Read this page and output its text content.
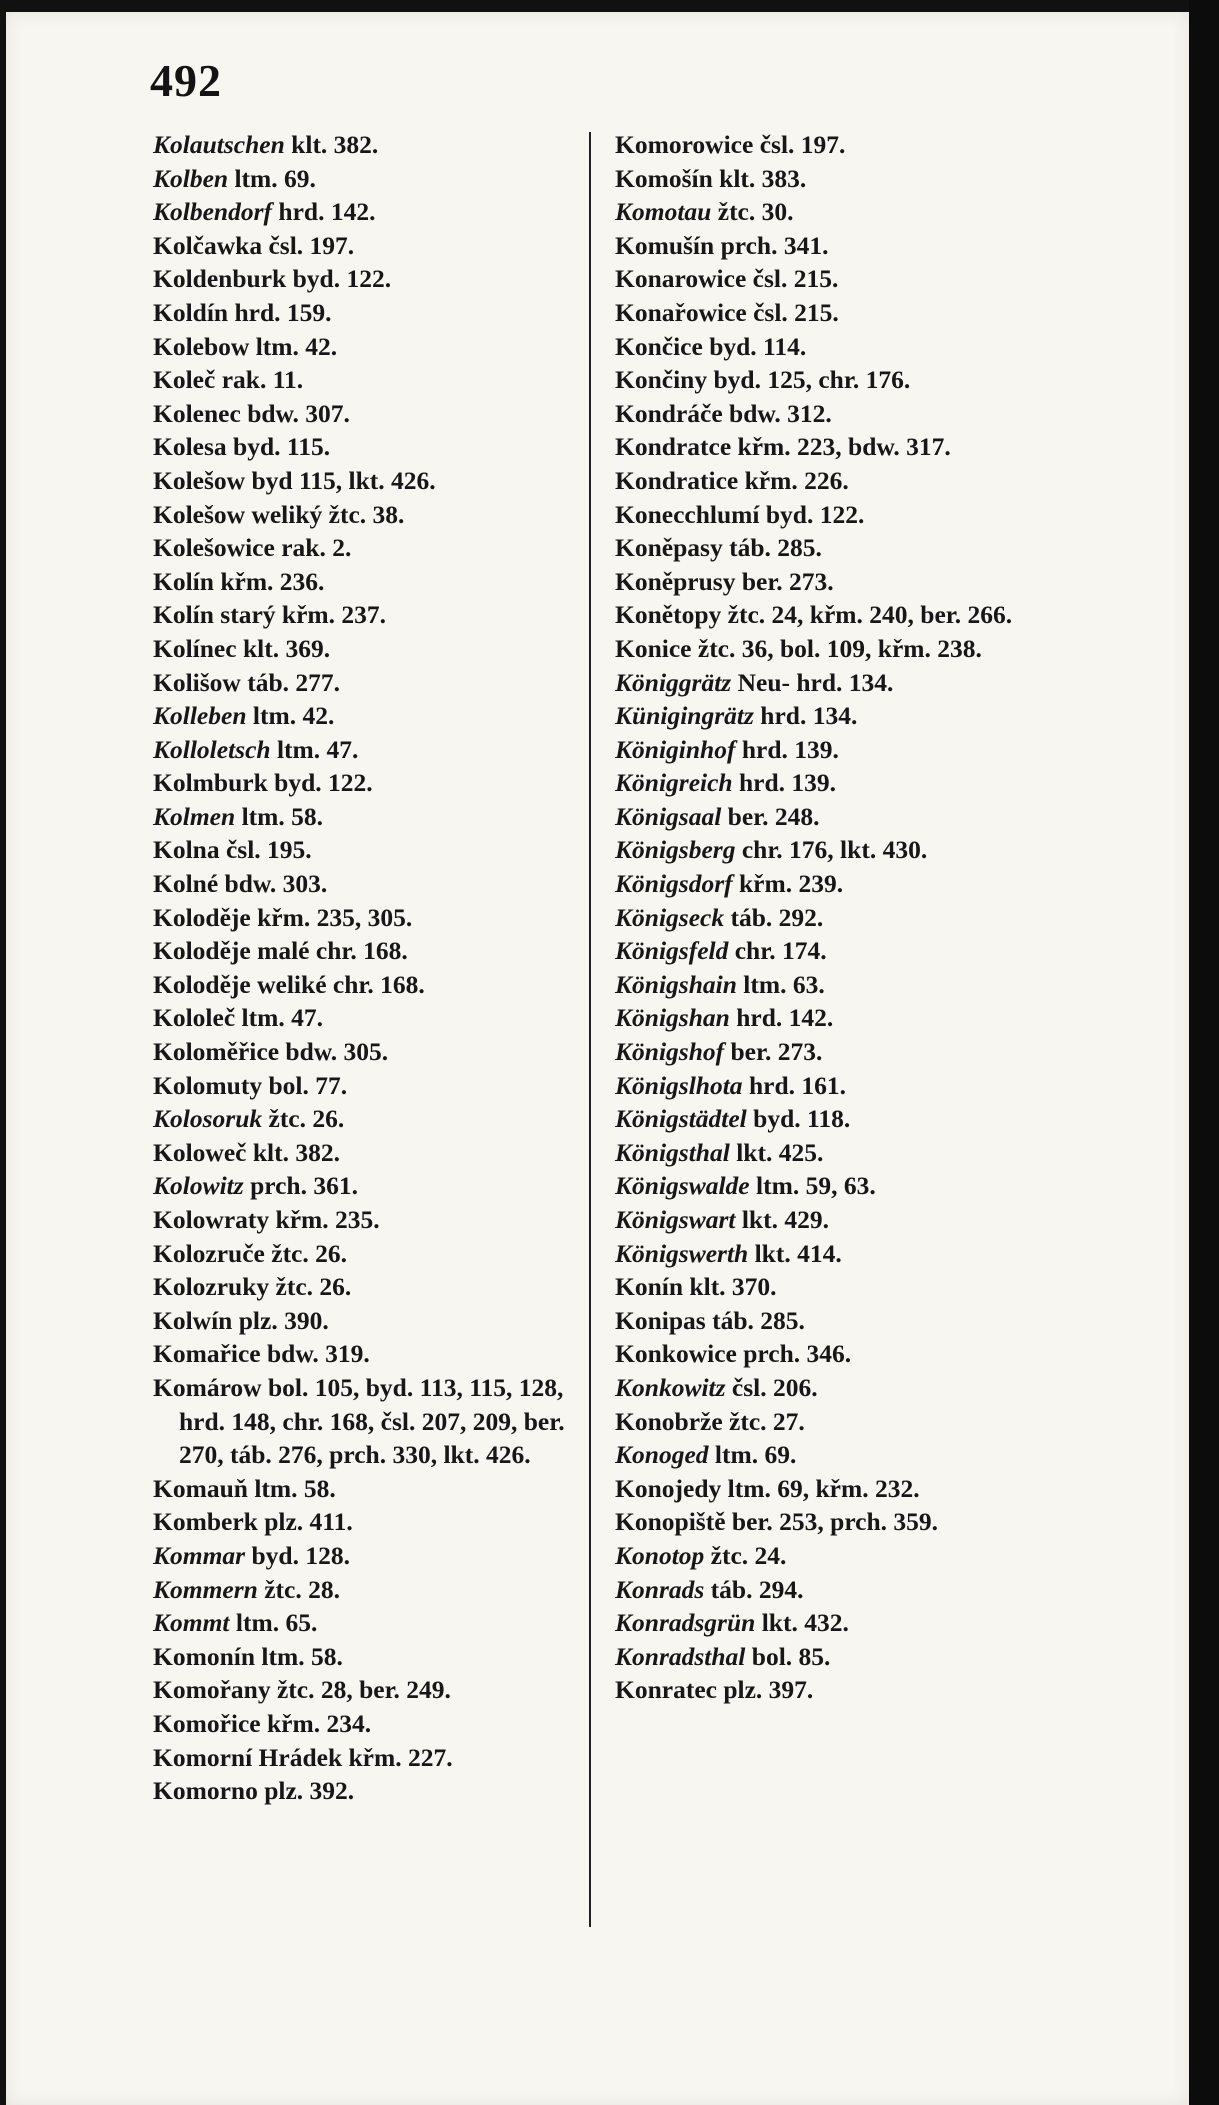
492
Kolautschen klt. 382.
Kolben ltm. 69.
Kolbendorf hrd. 142.
Kolčawka čsl. 197.
Koldenburk byd. 122.
Koldín hrd. 159.
Kolebow ltm. 42.
Koleč rak. 11.
Kolenec bdw. 307.
Kolesa byd. 115.
Kolešow byd 115, lkt. 426.
Kolešow weliký žtc. 38.
Kolešowice rak. 2.
Kolín křm. 236.
Kolín starý křm. 237.
Kolínec klt. 369.
Kolišow táb. 277.
Kolleben ltm. 42.
Kolloletsch ltm. 47.
Kolmburk byd. 122.
Kolmen ltm. 58.
Kolna čsl. 195.
Kolné bdw. 303.
Koloděje křm. 235, 305.
Koloděje malé chr. 168.
Koloděje weliké chr. 168.
Kololeč ltm. 47.
Koloměřice bdw. 305.
Kolomuty bol. 77.
Kolosoruk žtc. 26.
Koloweč klt. 382.
Kolowitz prch. 361.
Kolowraty křm. 235.
Kolozruče žtc. 26.
Kolozruky žtc. 26.
Kolwín plz. 390.
Komařice bdw. 319.
Komárow bol. 105, byd. 113, 115, 128, hrd. 148, chr. 168, čsl. 207, 209, ber. 270, táb. 276, prch. 330, lkt. 426.
Komauň ltm. 58.
Komberk plz. 411.
Kommar byd. 128.
Kommern žtc. 28.
Kommt ltm. 65.
Komonín ltm. 58.
Komořany žtc. 28, ber. 249.
Komořice křm. 234.
Komorní Hrádek křm. 227.
Komorno plz. 392.
Komorowice čsl. 197.
Komošín klt. 383.
Komotau žtc. 30.
Komušín prch. 341.
Konarowice čsl. 215.
Konařowice čsl. 215.
Končice byd. 114.
Končiny byd. 125, chr. 176.
Kondráče bdw. 312.
Kondratce křm. 223, bdw. 317.
Kondratice křm. 226.
Konecchlumí byd. 122.
Koněpasy táb. 285.
Koněprusy ber. 273.
Konětopy žtc. 24, křm. 240, ber. 266.
Konice žtc. 36, bol. 109, křm. 238.
Königgrätz Neu- hrd. 134.
Künigingrätz hrd. 134.
Königinhof hrd. 139.
Königreich hrd. 139.
Königsaal ber. 248.
Königsberg chr. 176, lkt. 430.
Königsdorf křm. 239.
Königseck táb. 292.
Königsfeld chr. 174.
Königshain ltm. 63.
Königshan hrd. 142.
Königshof ber. 273.
Königslhota hrd. 161.
Königstädtel byd. 118.
Königsthal lkt. 425.
Königswalde ltm. 59, 63.
Königswart lkt. 429.
Königswerth lkt. 414.
Konín klt. 370.
Konipas táb. 285.
Konkowice prch. 346.
Konkowitz čsl. 206.
Konobrže žtc. 27.
Konoged ltm. 69.
Konojedy ltm. 69, křm. 232.
Konopiště ber. 253, prch. 359.
Konotop žtc. 24.
Konrads táb. 294.
Konradsgrün lkt. 432.
Konradsthal bol. 85.
Konratec plz. 397.
